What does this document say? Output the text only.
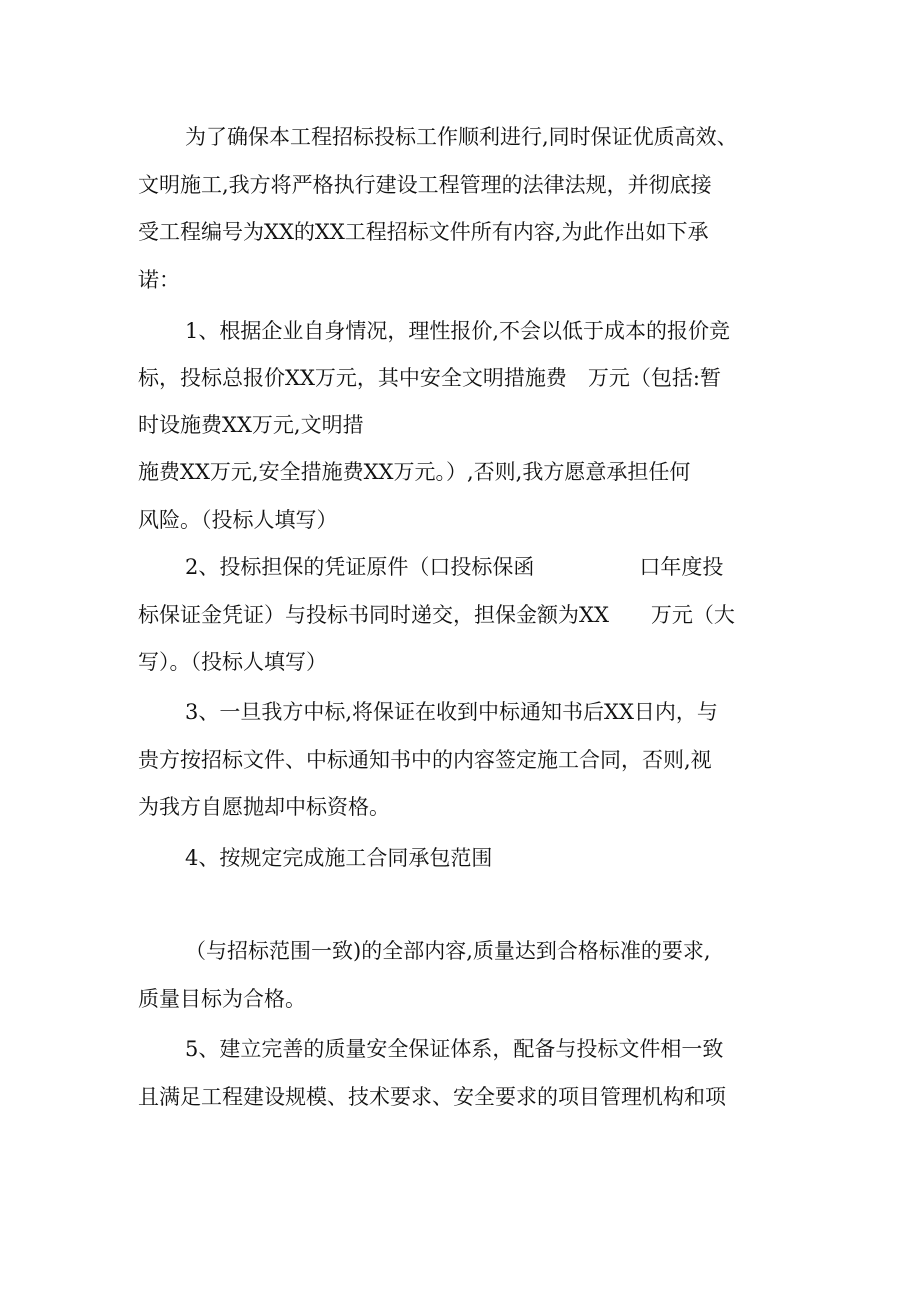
为了确保本工程招标投标工作顺利进行,同时保证优质高效、
文明施工,我方将严格执行建设工程管理的法律法规，并彻底接
受工程编号为XX的XX工程招标文件所有内容,为此作出如下承
诺：
1、根据企业自身情况，理性报价,不会以低于成本的报价竞
标，投标总报价XX万元，其中安全文明措施费　万元（包括:暂
时设施费XX万元,文明措
施费XX万元,安全措施费XX万元。）,否则,我方愿意承担任何
风险。（投标人填写）
2、投标担保的凭证原件（口投标保函　　　　　口年度投
标保证金凭证）与投标书同时递交，担保金额为XX　　万元（大
写）。（投标人填写）
3、一旦我方中标,将保证在收到中标通知书后XX日内，与
贵方按招标文件、中标通知书中的内容签定施工合同，否则,视
为我方自愿抛却中标资格。
4、按规定完成施工合同承包范围
（与招标范围一致)的全部内容,质量达到合格标准的要求,
质量目标为合格。
5、建立完善的质量安全保证体系，配备与投标文件相一致
且满足工程建设规模、技术要求、安全要求的项目管理机构和项
